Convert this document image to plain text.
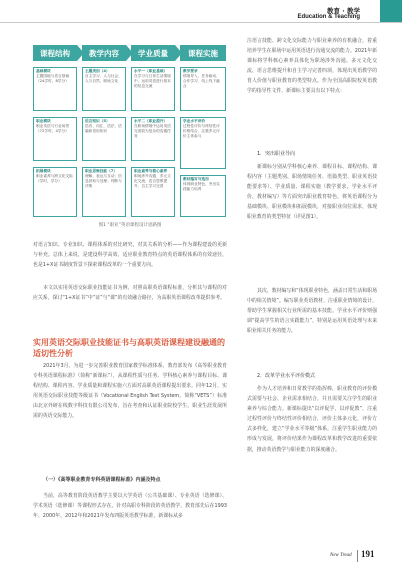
教育 · 教学
Education & Teaching
课程结构	教学内容	学业质量	课程实施
基础模块
主题园地与语言基础（24学时，8学分）
职业模块
职业英语与行业场景（72学时，4学分）
拓展模块
职业素养与跨文化交际（学时，学分）
主题类别（4）
自主学习、人与社会、人与自然、职场文化
语言知识（5）
语音、词汇、语法、语篇和语用知识
职业思维技能（7）
理解、表达与互动；信息获取与处理；判断与决策
水平一（职业基础）
在学习与日常生活情境中，运用英语进行基本的信息交流
水平二（职业提升）
在职场情境中运用英语完成较为复杂的沟通任务
职业素养与核心素养
职场涉外沟通、多元文化交流、语言思维提升、自主学习完善
教学要求
情境导入、任务驱动、合作学习、线上线下融合
学业水平评价
过程性评价与终结性评价相结合，注重多元评价主体参与
教材编写与选用
体现职业特色，突出实践能力培养
图1 “职业”英语课程设计思路图
对语言知识、专业知识、课程体系的对比研究，对其关系的分析——作为课程建设的更新与补充。总体上来说，是建设科学高效、适应职业教育特点的英语课程体系的有效途径，也是1+X证书制度背景下探索课程改革的一个重要方向。
本文以实用英语交际职业技能证书为例，对照高职英语课程标准，分析其与课程的对应关系，探讨“1+X证书”中“证”与“课”的有效融合路径，为高职英语课程改革提供参考。
实用英语交际职业技能证书与高职英语课程建设融通的适切性分析
2021年3月，为进一步完善职业教育国家教学标准体系，教育部发布《高等职业教育专科英语课程标准》（简称“新课标”），从课程性质与任务、学科核心素养与课程目标、课程结构、课程内容、学业质量和课程实施六方面对高职英语课程提出要求。同年12月，实用英语交际职业技能等级证书（Vocational English Test System，简称“VETS”）标准由北京外研在线数字科技有限公司发布，旨在考查和认证职业院校学生、职业生涯发展所需的英语交际能力。
（一）《高等职业教育专科英语课程标准》内涵及特点
当前，高等教育阶段英语教学主要以大学英语（公共基础课）、专业英语（选修课）、学术英语（选修课）等课程形式存在。针对高职专科阶段的英语教学，教育部先后在1993年、2000年、2012年和2021年发布四版英语教学标准，新课标从多
注语言技能、跨文化交际能力与职业素养的有机融合，着重培养学生在职场中运用英语进行沟通交流的能力。2021年新课标将学科核心素养具体化为职场涉外沟通、多元文化交流、语言思维提升和自主学习完善四项，体现出英语教学的育人价值与职业教育的类型特点。作为全国高职院校英语教学的指导性文件，新课标主要具有以下特点：
1．突出职业导向
新课标分别从学科核心素养、课程目标、课程结构、课程内容（主题类别、职场情境任务、语篇类型、职业英语技能要求等）、学业质量、课程实施（教学要求、学业水平评价、教材编写）等方面突出职业教育特色，将英语课程分为基础模块、职业模块和拓展模块，对接职业岗位需求，体现职业教育的类型特征（详见图1）。
其次，教材编写和“体现职业特色，涵盖日常生活和职场中的相关情境”。编写职业英语教材，注重职业情境的设计，帮助学生掌握相关行业所需的基本技能。学业水平评价则强调“提高学生的语言实践能力”，特别是运用英语处理与未来职业相关任务的能力。
2．改革学业水平评价模式
作为人才培养和日常教学的指挥棒，职业教育的评价模式需要与社会、企业需求相结合，并且需要关注学生的职业素养与综合能力。新课标提出“以评促学、以评促教”，注重过程性评价与终结性评价相结合，评价主体多元化，评价方式多样化，建立“学业水平等级”体系，注重学生职业能力的形成与发展，将评价结果作为课程改革和教学改进的重要依据，推动英语教学与职业能力的深度融合。
New Tread 191
